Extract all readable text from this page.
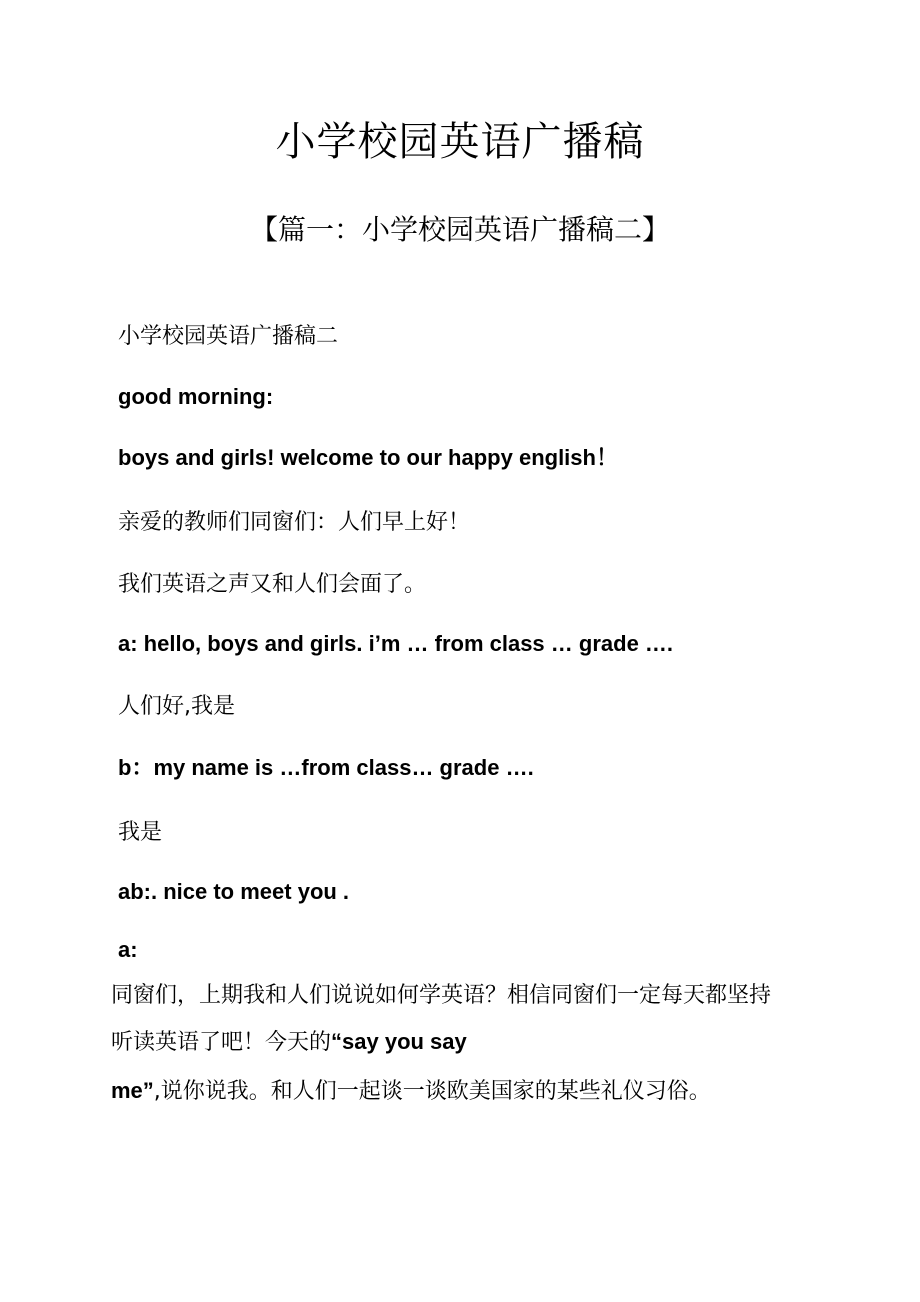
小学校园英语广播稿
【篇一：小学校园英语广播稿二】
小学校园英语广播稿二
good morning:
boys and girls! welcome to our happy english！
亲爱的教师们同窗们：人们早上好！
我们英语之声又和人们会面了。
a: hello, boys and girls. i’m … from class … grade ….
人们好,我是
b：my name is …from class… grade ….
我是
ab:. nice to meet you .
a:
同窗们，上期我和人们说说如何学英语？相信同窗们一定每天都坚持
听读英语了吧！今天的“say you say
me”,说你说我。和人们一起谈一谈欧美国家的某些礼仪习俗。
